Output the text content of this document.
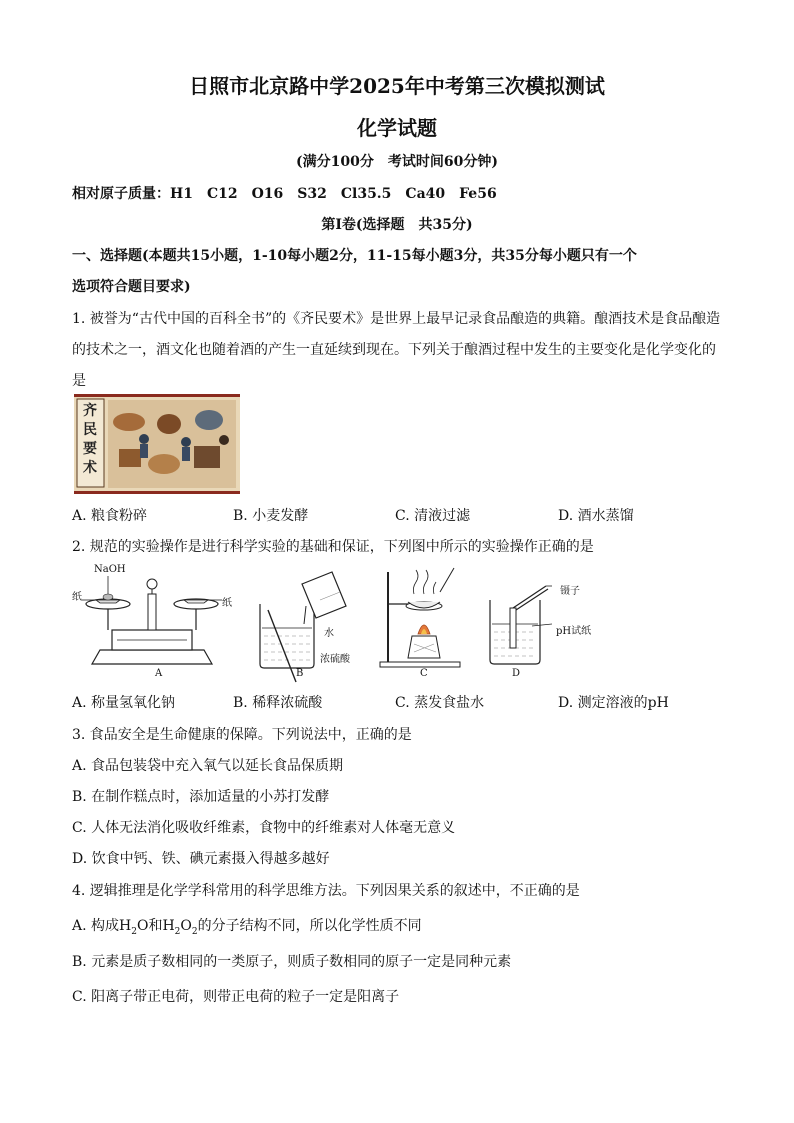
日照市北京路中学2025年中考第三次模拟测试
化学试题
(满分100分　考试时间60分钟)
相对原子质量：H1　C12　O16　S32　Cl35.5　Ca40　Fe56
第Ⅰ卷(选择题　共35分)
一、选择题(本题共15小题，1-10每小题2分，11-15每小题3分，共35分每小题只有一个
选项符合题目要求)
1. 被誉为“古代中国的百科全书”的《齐民要术》是世界上最早记录食品酿造的典籍。酿酒技术是食品酿造
的技术之一，酒文化也随着酒的产生一直延续到现在。下列关于酿酒过程中发生的主要变化是化学变化的
是
齐民要术
A. 粮食粉碎	B. 小麦发酵	C. 清液过滤	D. 酒水蒸馏
2. 规范的实验操作是进行科学实验的基础和保证，下列图中所示的实验操作正确的是
NaOH
纸
纸
A
水
浓硫酸
B	C
镊子
pH试纸
D
A. 称量氢氧化钠	B. 稀释浓硫酸	C. 蒸发食盐水	D. 测定溶液的pH
3. 食品安全是生命健康的保障。下列说法中，正确的是
A. 食品包装袋中充入氧气以延长食品保质期
B. 在制作糕点时，添加适量的小苏打发酵
C. 人体无法消化吸收纤维素，食物中的纤维素对人体毫无意义
D. 饮食中钙、铁、碘元素摄入得越多越好
4. 逻辑推理是化学学科常用的科学思维方法。下列因果关系的叙述中，不正确的是
A. 构成$H_2O$和$H_2O_2$的分子结构不同，所以化学性质不同
B. 元素是质子数相同的一类原子，则质子数相同的原子一定是同种元素
C. 阳离子带正电荷，则带正电荷的粒子一定是阳离子
